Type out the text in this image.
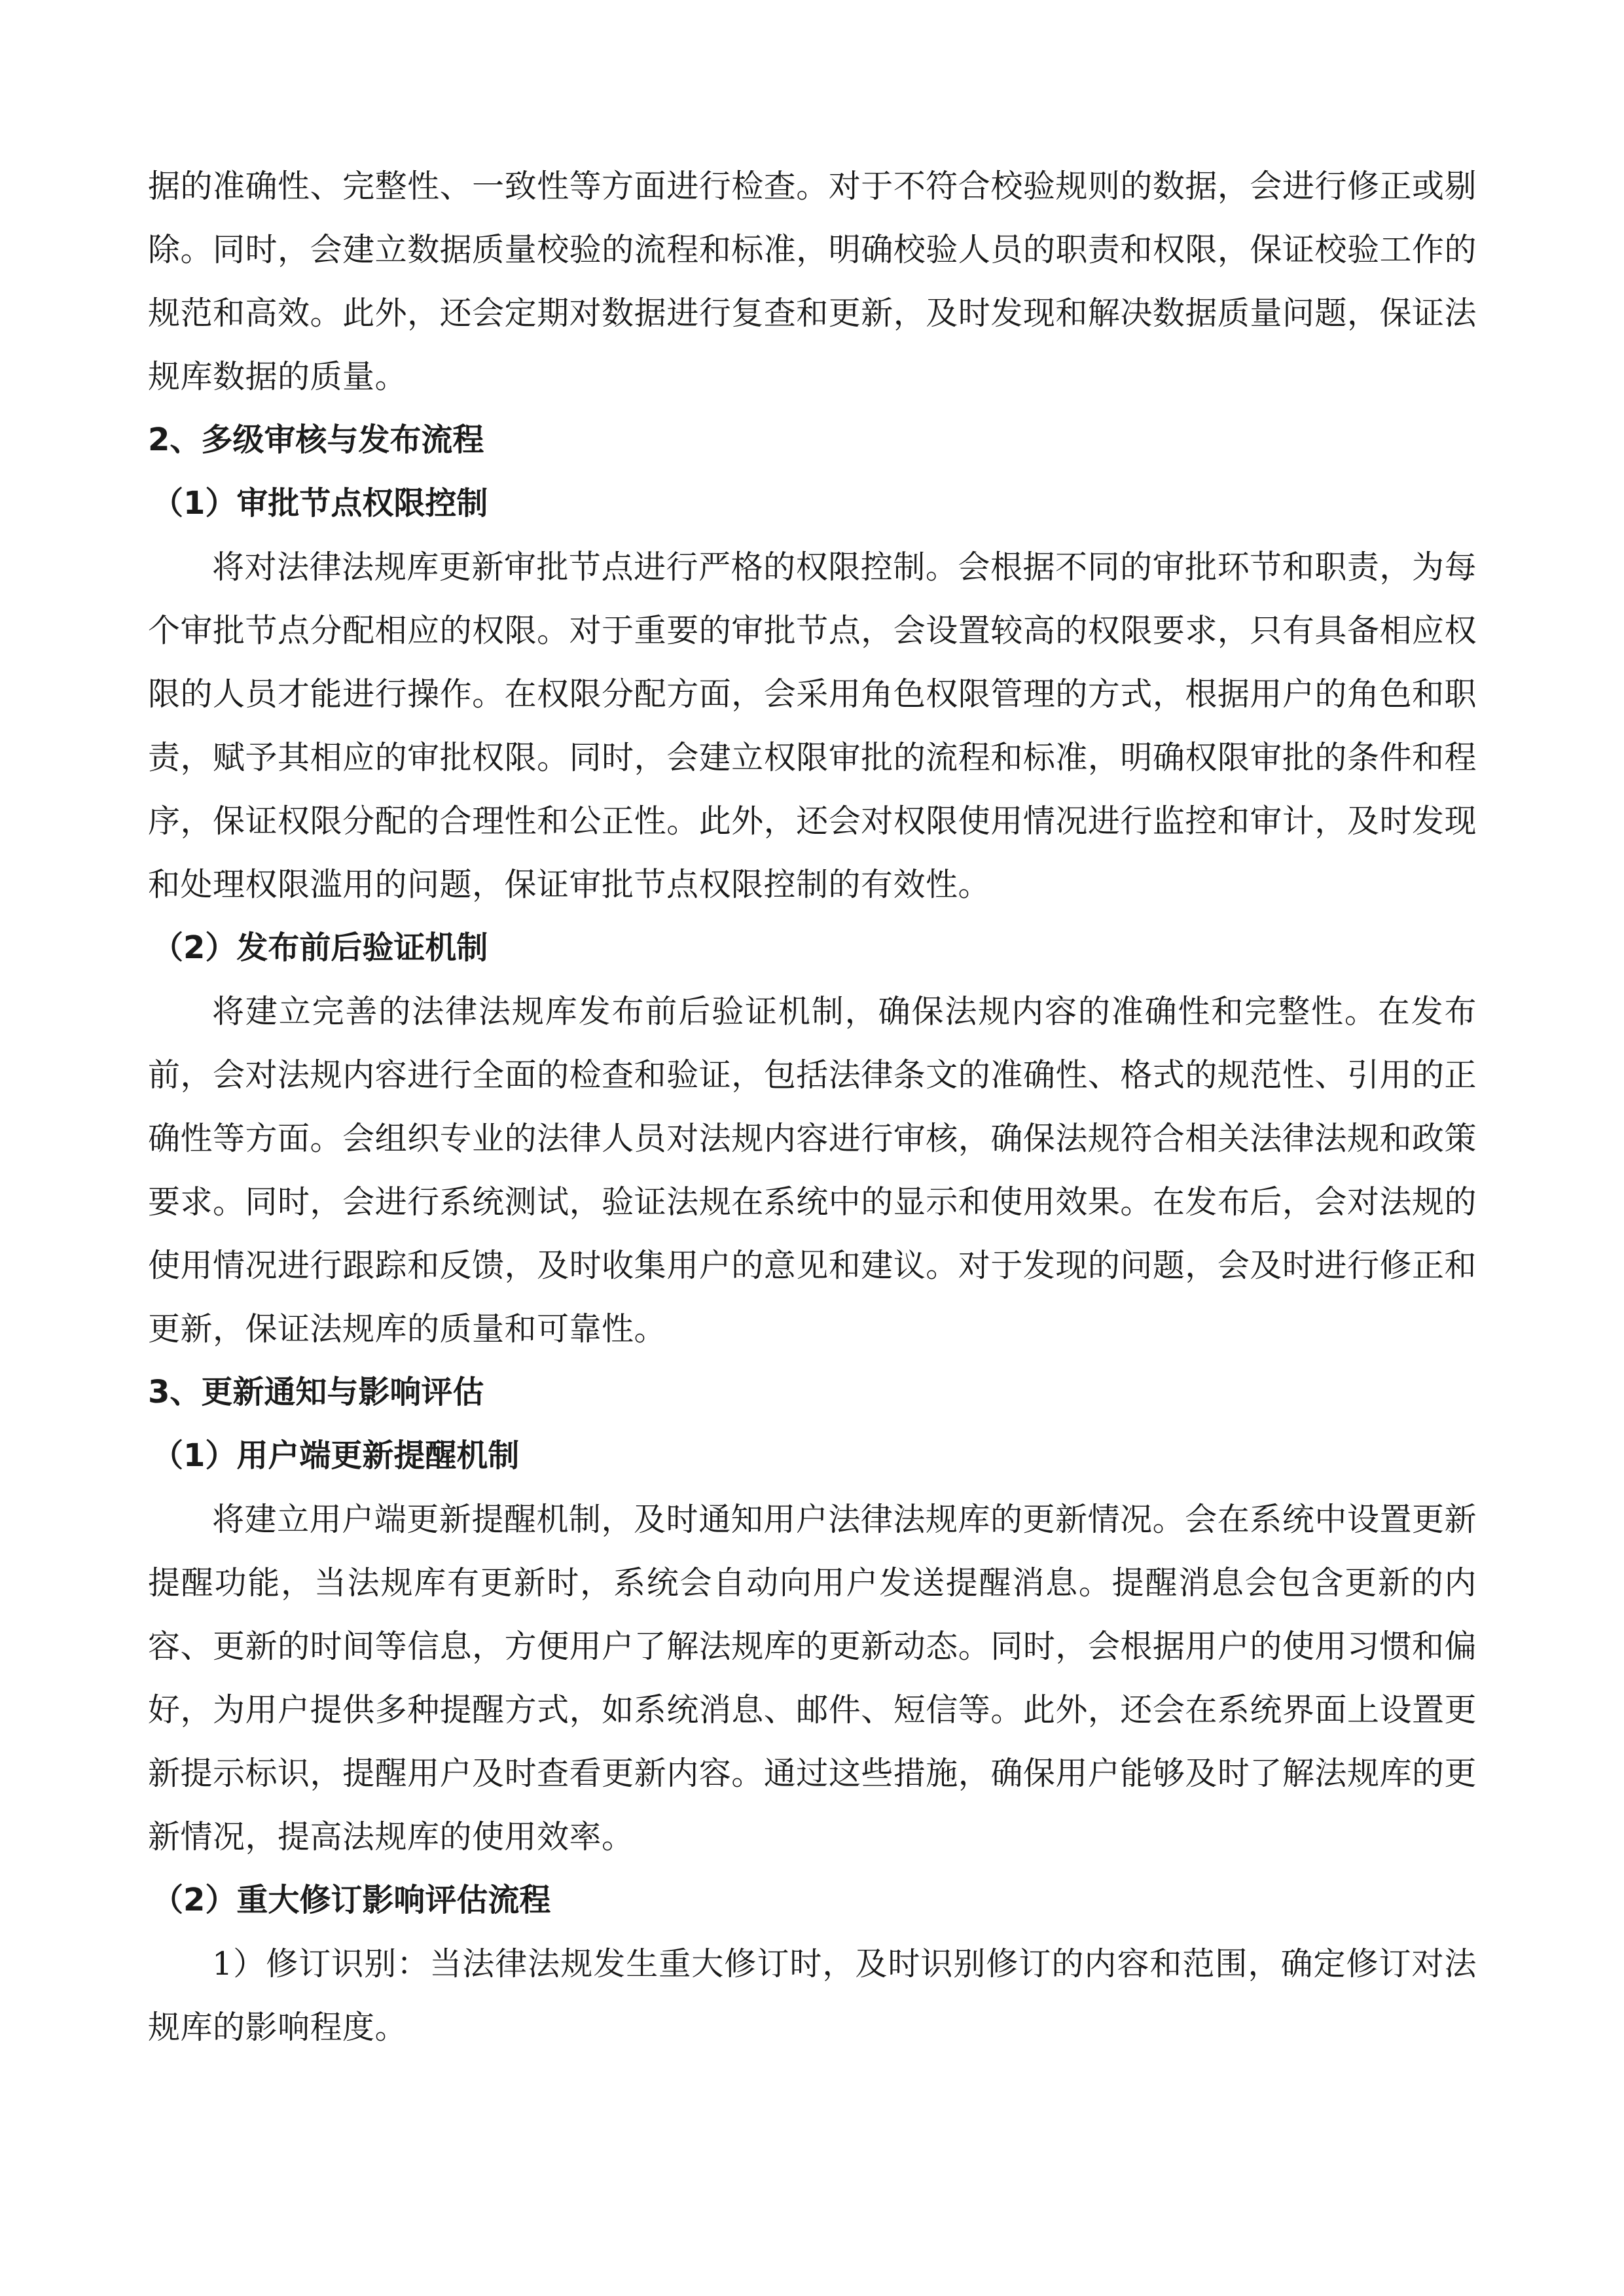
据的准确性、完整性、一致性等方面进行检查。对于不符合校验规则的数据，会进行修正或剔除。同时，会建立数据质量校验的流程和标准，明确校验人员的职责和权限，保证校验工作的规范和高效。此外，还会定期对数据进行复查和更新，及时发现和解决数据质量问题，保证法规库数据的质量。

2、多级审核与发布流程

（1）审批节点权限控制

将对法律法规库更新审批节点进行严格的权限控制。会根据不同的审批环节和职责，为每个审批节点分配相应的权限。对于重要的审批节点，会设置较高的权限要求，只有具备相应权限的人员才能进行操作。在权限分配方面，会采用角色权限管理的方式，根据用户的角色和职责，赋予其相应的审批权限。同时，会建立权限审批的流程和标准，明确权限审批的条件和程序，保证权限分配的合理性和公正性。此外，还会对权限使用情况进行监控和审计，及时发现和处理权限滥用的问题，保证审批节点权限控制的有效性。

（2）发布前后验证机制

将建立完善的法律法规库发布前后验证机制，确保法规内容的准确性和完整性。在发布前，会对法规内容进行全面的检查和验证，包括法律条文的准确性、格式的规范性、引用的正确性等方面。会组织专业的法律人员对法规内容进行审核，确保法规符合相关法律法规和政策要求。同时，会进行系统测试，验证法规在系统中的显示和使用效果。在发布后，会对法规的使用情况进行跟踪和反馈，及时收集用户的意见和建议。对于发现的问题，会及时进行修正和更新，保证法规库的质量和可靠性。

3、更新通知与影响评估

（1）用户端更新提醒机制

将建立用户端更新提醒机制，及时通知用户法律法规库的更新情况。会在系统中设置更新提醒功能，当法规库有更新时，系统会自动向用户发送提醒消息。提醒消息会包含更新的内容、更新的时间等信息，方便用户了解法规库的更新动态。同时，会根据用户的使用习惯和偏好，为用户提供多种提醒方式，如系统消息、邮件、短信等。此外，还会在系统界面上设置更新提示标识，提醒用户及时查看更新内容。通过这些措施，确保用户能够及时了解法规库的更新情况，提高法规库的使用效率。

（2）重大修订影响评估流程

1）修订识别：当法律法规发生重大修订时，及时识别修订的内容和范围，确定修订对法规库的影响程度。
